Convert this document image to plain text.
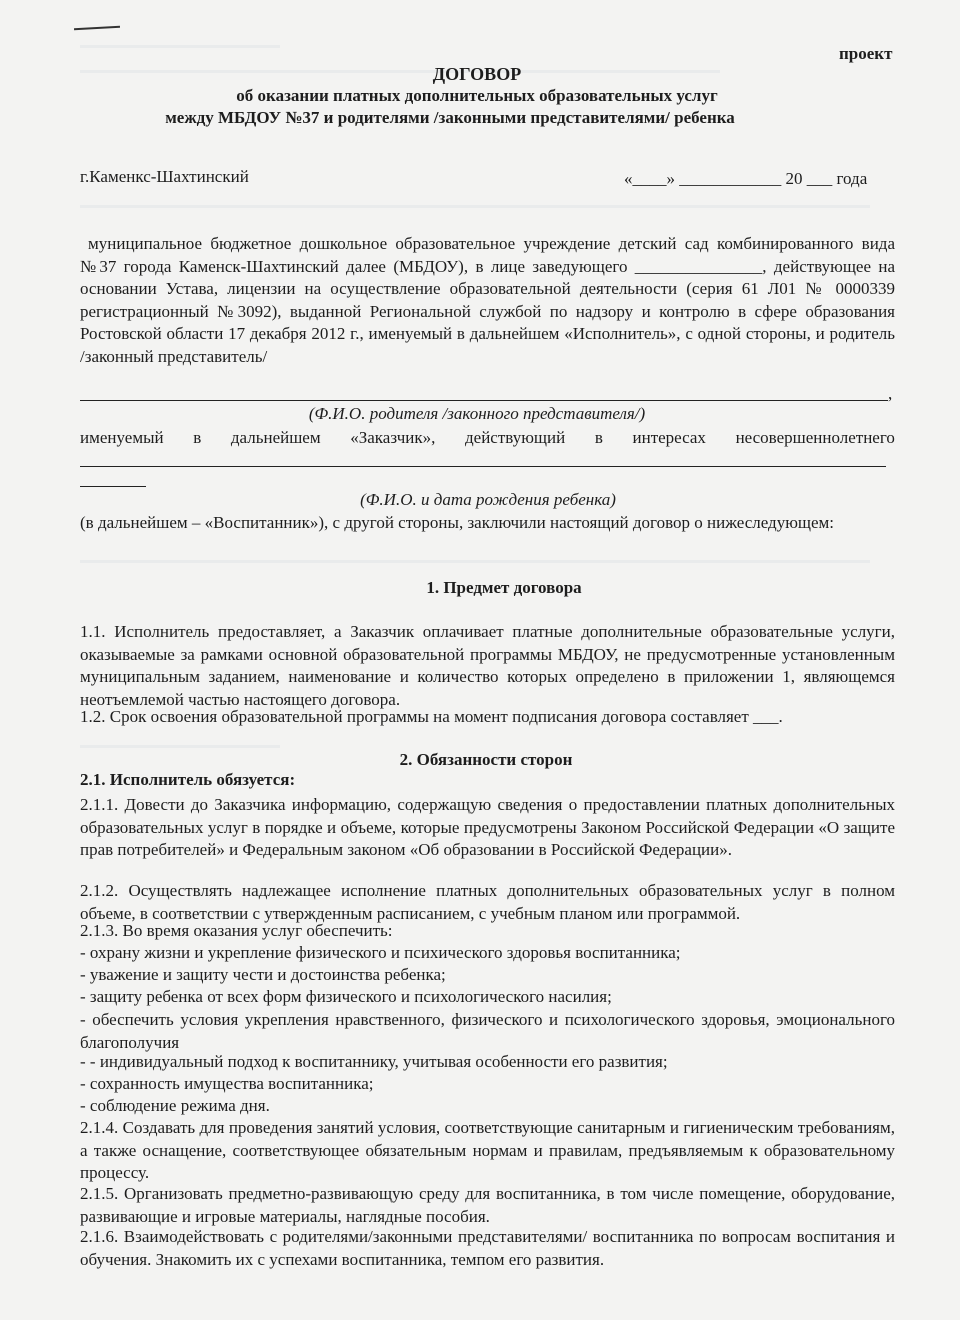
проект
ДОГОВОР
об оказании платных дополнительных образовательных услуг
между МБДОУ №37 и родителями /законными представителями/ ребенка
г.Каменкс-Шахтинский	«____» ____________ 20 ___ года
муниципальное бюджетное дошкольное образовательное учреждение детский сад комбинированного вида №37 города Каменск-Шахтинский далее (МБДОУ), в лице заведующего _______________, действующее на основании Устава, лицензии на осуществление образовательной деятельности (серия 61 Л01 № 0000339 регистрационный №3092), выданной Региональной службой по надзору и контролю в сфере образования Ростовской области 17 декабря 2012 г., именуемый в дальнейшем «Исполнитель», с одной стороны, и родитель /законный представитель/
,
(Ф.И.О. родителя /законного представителя/)
именуемый в дальнейшем «Заказчик», действующий в интересах несовершеннолетнего
(Ф.И.О. и дата рождения ребенка)
(в дальнейшем – «Воспитанник»), с другой стороны, заключили настоящий договор о нижеследующем:
1. Предмет договора
1.1. Исполнитель предоставляет, а Заказчик оплачивает платные дополнительные образовательные услуги, оказываемые за рамками основной образовательной программы МБДОУ, не предусмотренные установленным муниципальным заданием, наименование и количество которых определено в приложении 1, являющемся неотъемлемой частью настоящего договора.
1.2. Срок освоения образовательной программы на момент подписания договора составляет ___.
2. Обязанности сторон
2.1. Исполнитель обязуется:
2.1.1. Довести до Заказчика информацию, содержащую сведения о предоставлении платных дополнительных образовательных услуг в порядке и объеме, которые предусмотрены Законом Российской Федерации «О защите прав потребителей» и Федеральным законом «Об образовании в Российской Федерации».
2.1.2. Осуществлять надлежащее исполнение платных дополнительных образовательных услуг в полном объеме, в соответствии с утвержденным расписанием, с учебным планом или программой.
2.1.3. Во время оказания услуг обеспечить:
- охрану жизни и укрепление физического и психического здоровья воспитанника;
- уважение и защиту чести и достоинства ребенка;
- защиту ребенка от всех форм физического и психологического насилия;
- обеспечить условия укрепления нравственного, физического и психологического здоровья, эмоционального благополучия
- - индивидуальный подход к воспитаннику, учитывая особенности его развития;
- сохранность имущества воспитанника;
- соблюдение режима дня.
2.1.4. Создавать для проведения занятий условия, соответствующие санитарным и гигиеническим требованиям, а также оснащение, соответствующее обязательным нормам и правилам, предъявляемым к образовательному процессу.
2.1.5. Организовать предметно-развивающую среду для воспитанника, в том числе помещение, оборудование, развивающие и игровые материалы, наглядные пособия.
2.1.6. Взаимодействовать с родителями/законными представителями/ воспитанника по вопросам воспитания и обучения. Знакомить их с успехами воспитанника, темпом его развития.
